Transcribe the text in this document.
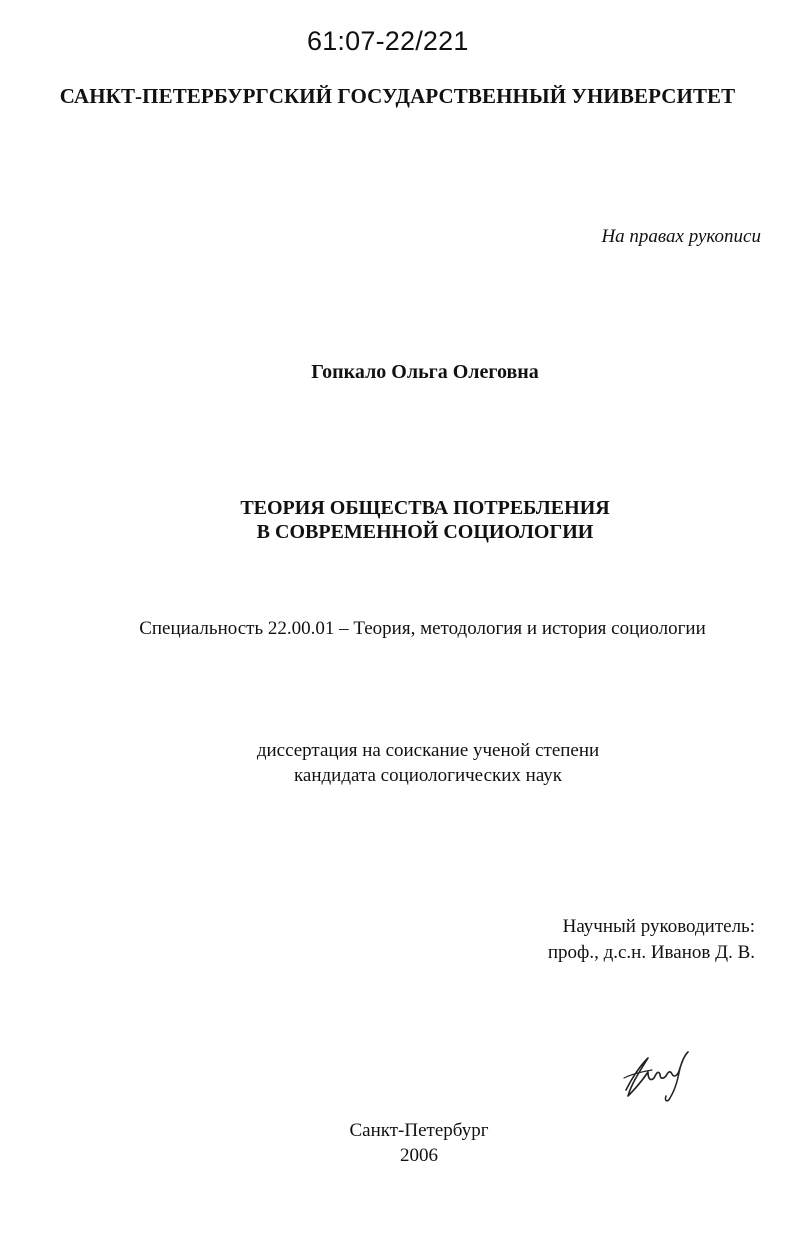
61:07-22/221
САНКТ-ПЕТЕРБУРГСКИЙ ГОСУДАРСТВЕННЫЙ УНИВЕРСИТЕТ
На правах рукописи
Гопкало Ольга Олеговна
ТЕОРИЯ ОБЩЕСТВА ПОТРЕБЛЕНИЯ
В СОВРЕМЕННОЙ СОЦИОЛОГИИ
Специальность 22.00.01 – Теория, методология и история социологии
диссертация на соискание ученой степени
кандидата социологических наук
Научный руководитель:
проф., д.с.н. Иванов Д. В.
Санкт-Петербург
2006
